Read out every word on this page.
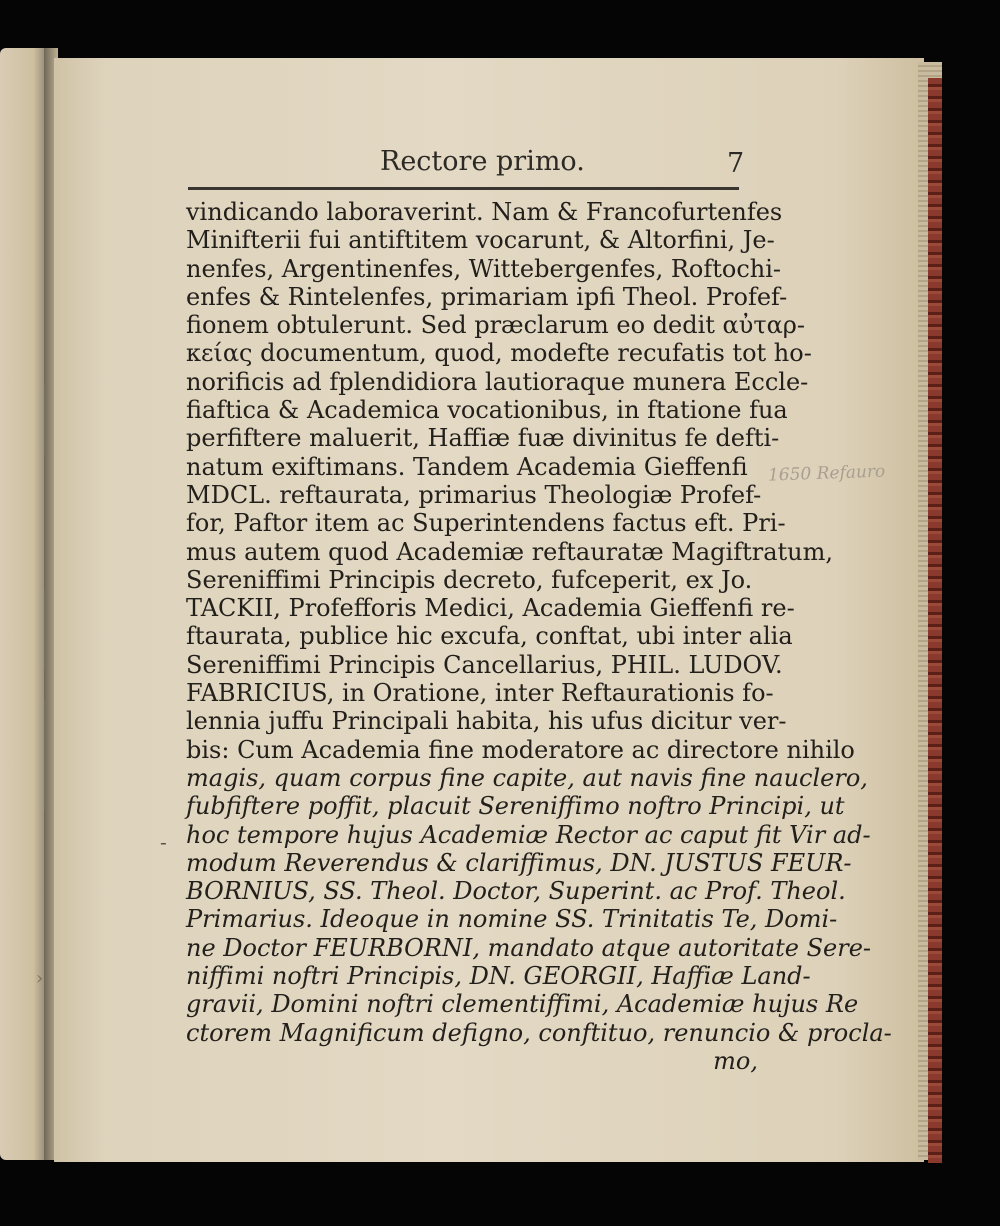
›
-
Rectore primo.	7
vindicando laboraverint. Nam & Francofurtenfes
Minifterii fui antiftitem vocarunt, & Altorfini, Je-
nenfes, Argentinenfes, Wittebergenfes, Roftochi-
enfes & Rintelenfes, primariam ipfi Theol. Profef-
fionem obtulerunt. Sed præclarum eo dedit αὐταρ-
κείας documentum, quod, modefte recufatis tot ho-
norificis ad fplendidiora lautioraque munera Eccle-
fiaftica & Academica vocationibus, in ftatione fua
perfiftere maluerit, Haffiæ fuæ divinitus fe defti-
natum exiftimans. Tandem Academia Gieffenfi
MDCL. reftaurata, primarius Theologiæ Profef-
for, Paftor item ac Superintendens factus eft. Pri-
mus autem quod Academiæ reftauratæ Magiftratum,
Sereniffimi Principis decreto, fufceperit, ex Jo.
TACKII, Profefforis Medici, Academia Gieffenfi re-
ftaurata, publice hic excufa, conftat, ubi inter alia
Sereniffimi Principis Cancellarius, PHIL. LUDOV.
FABRICIUS, in Oratione, inter Reftaurationis fo-
lennia juffu Principali habita, his ufus dicitur ver-
bis: Cum Academia fine moderatore ac directore nihilo
magis, quam corpus fine capite, aut navis fine nauclero,
fubfiftere poffit, placuit Sereniffimo noftro Principi, ut
hoc tempore hujus Academiæ Rector ac caput fit Vir ad-
modum Reverendus & clariffimus, DN. JUSTUS FEUR-
BORNIUS, SS. Theol. Doctor, Superint. ac Prof. Theol.
Primarius. Ideoque in nomine SS. Trinitatis Te, Domi-
ne Doctor FEURBORNI, mandato atque autoritate Sere-
niffimi noftri Principis, DN. GEORGII, Haffiæ Land-
gravii, Domini noftri clementiffimi, Academiæ hujus Re
ctorem Magnificum defigno, conftituo, renuncio & procla-
mo,
1650 Refauro
